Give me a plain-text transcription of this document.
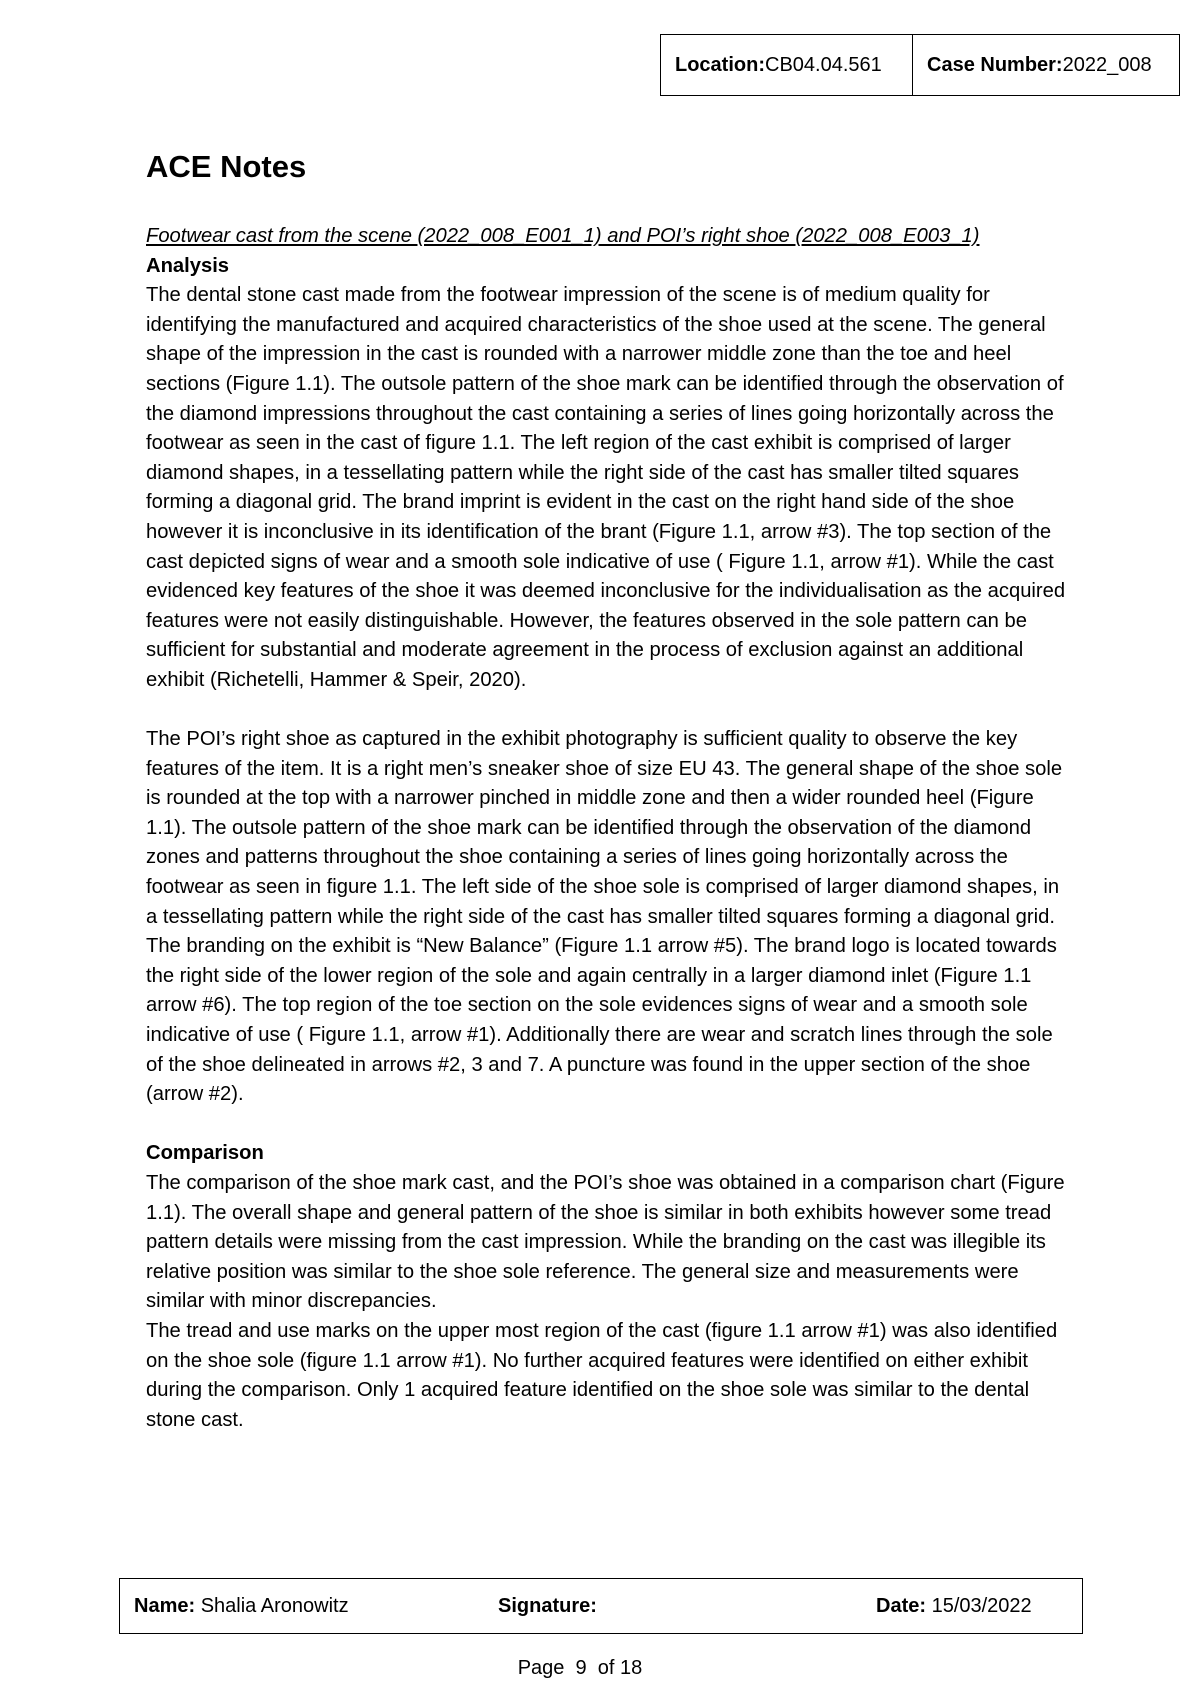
Location: CB04.04.561 Case Number: 2022_008
ACE Notes

Footwear cast from the scene (2022_008_E001_1) and POI’s right shoe (2022_008_E003_1)

Analysis

The dental stone cast made from the footwear impression of the scene is of medium quality for identifying the manufactured and acquired characteristics of the shoe used at the scene. The general shape of the impression in the cast is rounded with a narrower middle zone than the toe and heel sections (Figure 1.1). The outsole pattern of the shoe mark can be identified through the observation of the diamond impressions throughout the cast containing a series of lines going horizontally across the footwear as seen in the cast of figure 1.1. The left region of the cast exhibit is comprised of larger diamond shapes, in a tessellating pattern while the right side of the cast has smaller tilted squares forming a diagonal grid. The brand imprint is evident in the cast on the right hand side of the shoe however it is inconclusive in its identification of the brant (Figure 1.1, arrow #3). The top section of the cast depicted signs of wear and a smooth sole indicative of use ( Figure 1.1, arrow #1). While the cast evidenced key features of the shoe it was deemed inconclusive for the individualisation as the acquired features were not easily distinguishable. However, the features observed in the sole pattern can be sufficient for substantial and moderate agreement in the process of exclusion against an additional exhibit (Richetelli, Hammer & Speir, 2020).

The POI’s right shoe as captured in the exhibit photography is sufficient quality to observe the key features of the item. It is a right men’s sneaker shoe of size EU 43. The general shape of the shoe sole is rounded at the top with a narrower pinched in middle zone and then a wider rounded heel (Figure 1.1). The outsole pattern of the shoe mark can be identified through the observation of the diamond zones and patterns throughout the shoe containing a series of lines going horizontally across the footwear as seen in figure 1.1. The left side of the shoe sole is comprised of larger diamond shapes, in a tessellating pattern while the right side of the cast has smaller tilted squares forming a diagonal grid. The branding on the exhibit is “New Balance” (Figure 1.1 arrow #5). The brand logo is located towards the right side of the lower region of the sole and again centrally in a larger diamond inlet (Figure 1.1 arrow #6). The top region of the toe section on the sole evidences signs of wear and a smooth sole indicative of use ( Figure 1.1, arrow #1). Additionally there are wear and scratch lines through the sole of the shoe delineated in arrows #2, 3 and 7. A puncture was found in the upper section of the shoe (arrow #2).

Comparison

The comparison of the shoe mark cast, and the POI’s shoe was obtained in a comparison chart (Figure 1.1). The overall shape and general pattern of the shoe is similar in both exhibits however some tread pattern details were missing from the cast impression. While the branding on the cast was illegible its relative position was similar to the shoe sole reference. The general size and measurements were similar with minor discrepancies.

The tread and use marks on the upper most region of the cast (figure 1.1 arrow #1) was also identified on the shoe sole (figure 1.1 arrow #1). No further acquired features were identified on either exhibit during the comparison. Only 1 acquired feature identified on the shoe sole was similar to the dental stone cast.

Name:
Shalia Aronowitz	Signature:	Date:
15/03/2022
Page 9 of 18
